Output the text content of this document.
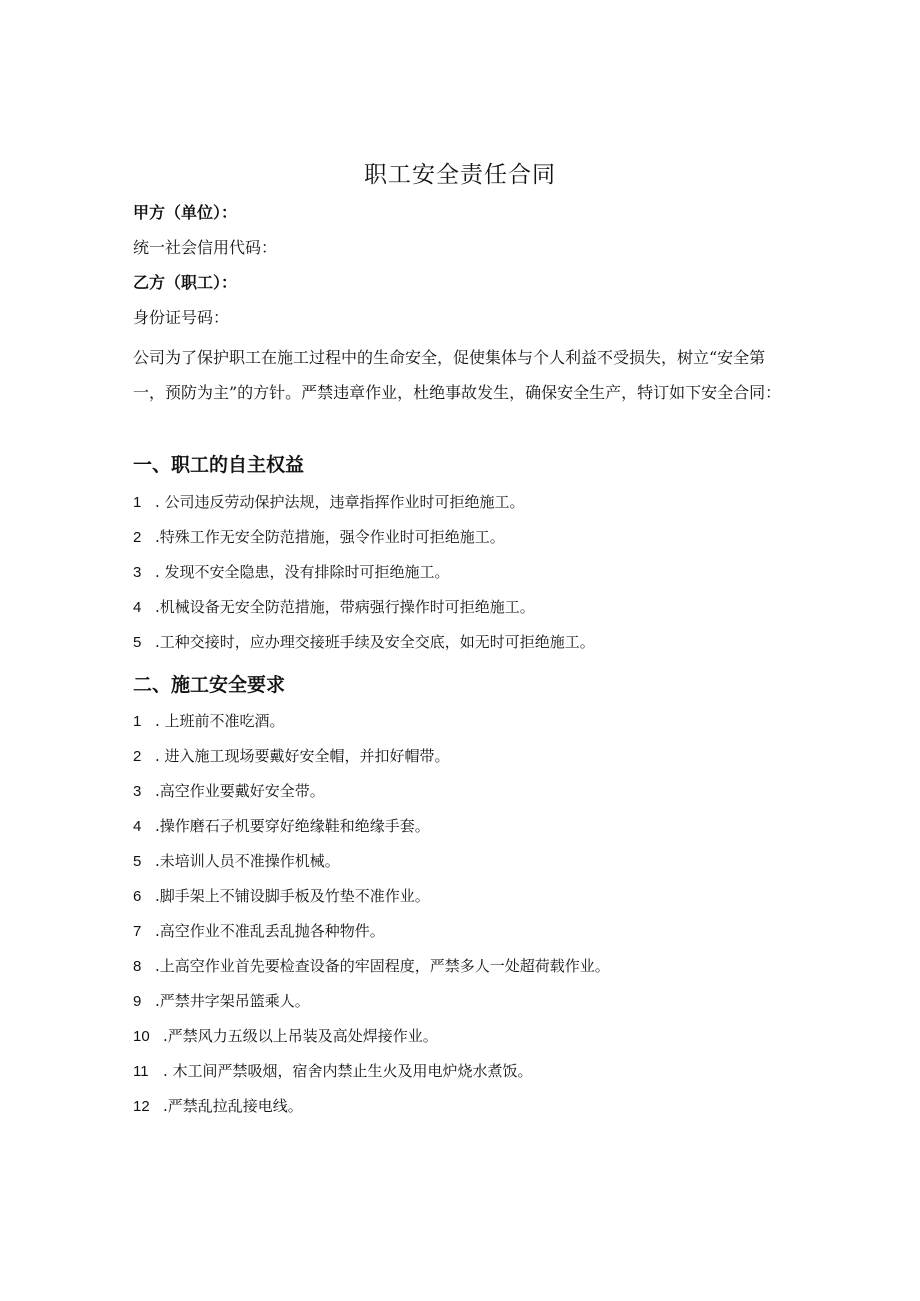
职工安全责任合同
甲方（单位）：
统一社会信用代码：
乙方（职工）：
身份证号码：
公司为了保护职工在施工过程中的生命安全，促使集体与个人利益不受损失，树立“安全第一，预防为主”的方针。严禁违章作业，杜绝事故发生，确保安全生产，特订如下安全合同：
一、职工的自主权益
1 . 公司违反劳动保护法规，违章指挥作业时可拒绝施工。
2 .特殊工作无安全防范措施，强令作业时可拒绝施工。
3 . 发现不安全隐患，没有排除时可拒绝施工。
4 .机械设备无安全防范措施，带病强行操作时可拒绝施工。
5 .工种交接时，应办理交接班手续及安全交底，如无时可拒绝施工。
二、施工安全要求
1 . 上班前不准吃酒。
2 . 进入施工现场要戴好安全帽，并扣好帽带。
3 .高空作业要戴好安全带。
4 .操作磨石子机要穿好绝缘鞋和绝缘手套。
5 .未培训人员不准操作机械。
6 .脚手架上不铺设脚手板及竹垫不准作业。
7 .高空作业不准乱丢乱抛各种物件。
8 .上高空作业首先要检查设备的牢固程度，严禁多人一处超荷载作业。
9 .严禁井字架吊篮乘人。
10 .严禁风力五级以上吊装及高处焊接作业。
11 . 木工间严禁吸烟，宿舍内禁止生火及用电炉烧水煮饭。
12 .严禁乱拉乱接电线。
